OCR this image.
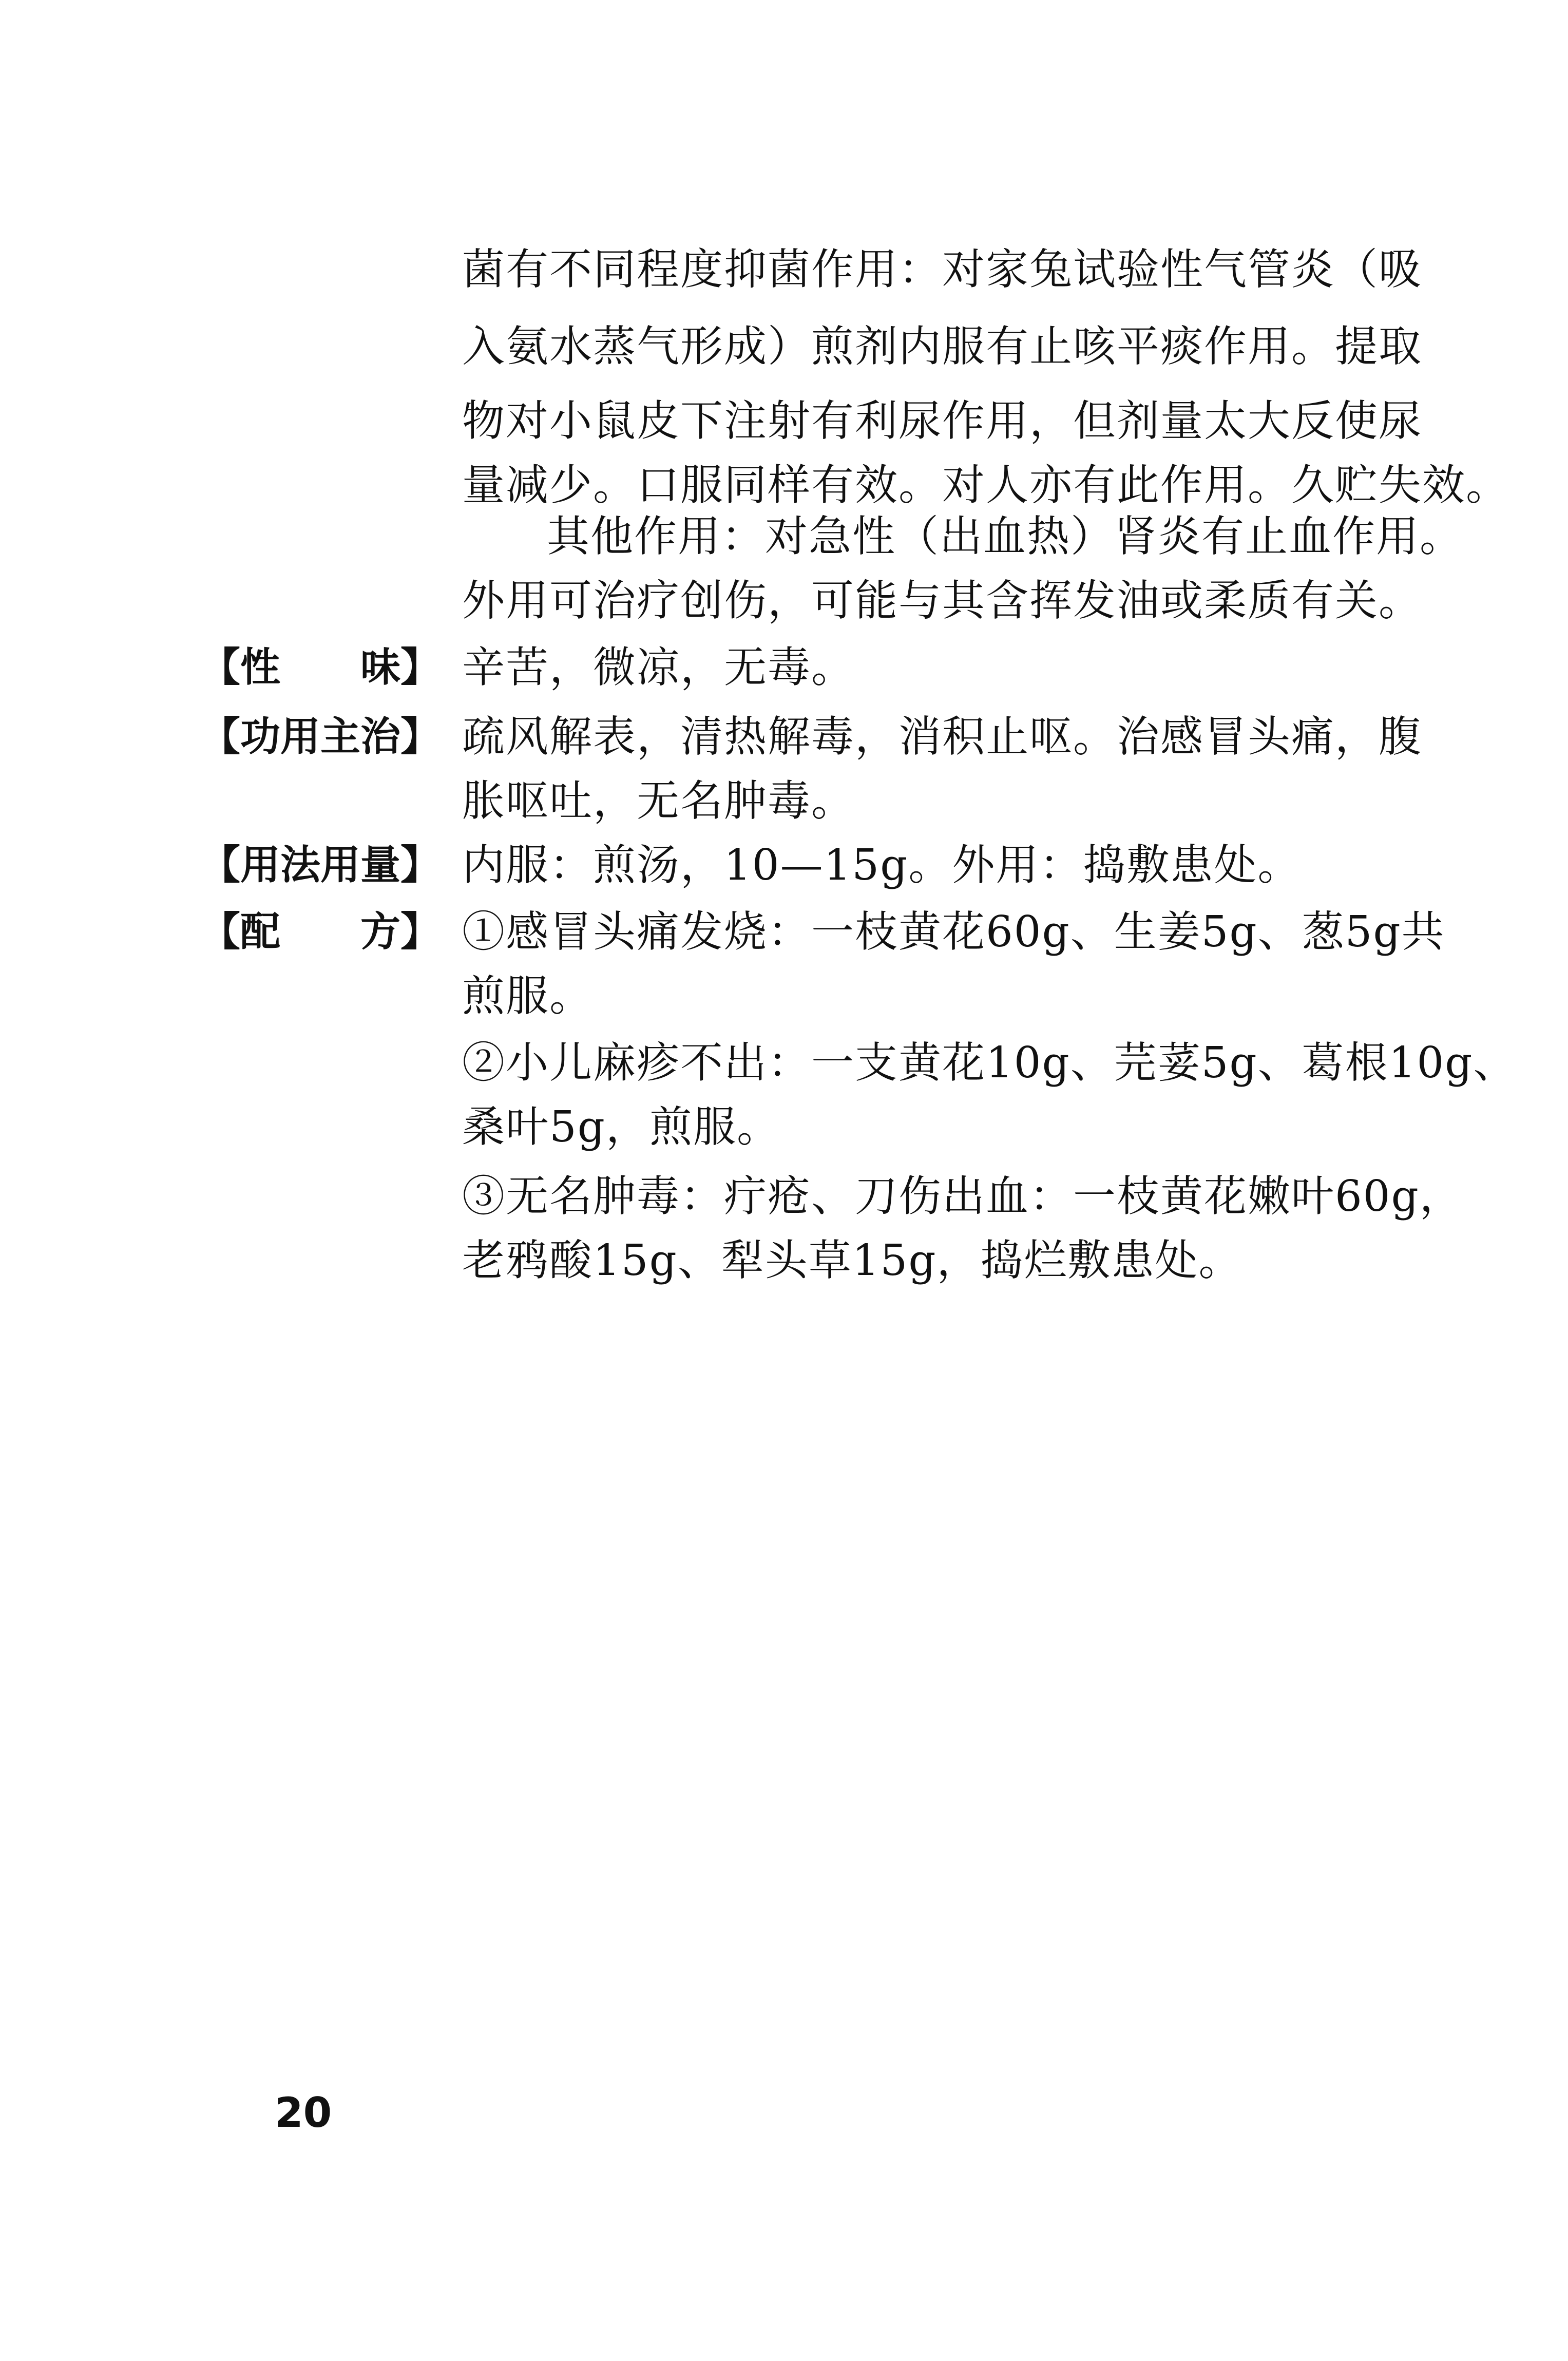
菌有不同程度抑菌作用：对家兔试验性气管炎（吸
入氨水蒸气形成）煎剂内服有止咳平痰作用。提取
物对小鼠皮下注射有利尿作用，但剂量太大反使尿
量减少。口服同样有效。对人亦有此作用。久贮失效。
其他作用：对急性（出血热）肾炎有止血作用。
外用可治疗创伤，可能与其含挥发油或柔质有关。
【性　　味】 辛苦，微凉，无毒。
【功用主治】 疏风解表，清热解毒，消积止呕。治感冒头痛，腹
胀呕吐，无名肿毒。
【用法用量】 内服：煎汤，10—15g。外用：捣敷患处。
【配　　方】 ①感冒头痛发烧：一枝黄花60g、生姜5g、葱5g共
煎服。
②小儿麻疹不出：一支黄花10g、芫荽5g、葛根10g、
桑叶5g，煎服。
③无名肿毒：疔疮、刀伤出血：一枝黄花嫩叶60g，
老鸦酸15g、犁头草15g，捣烂敷患处。
20
